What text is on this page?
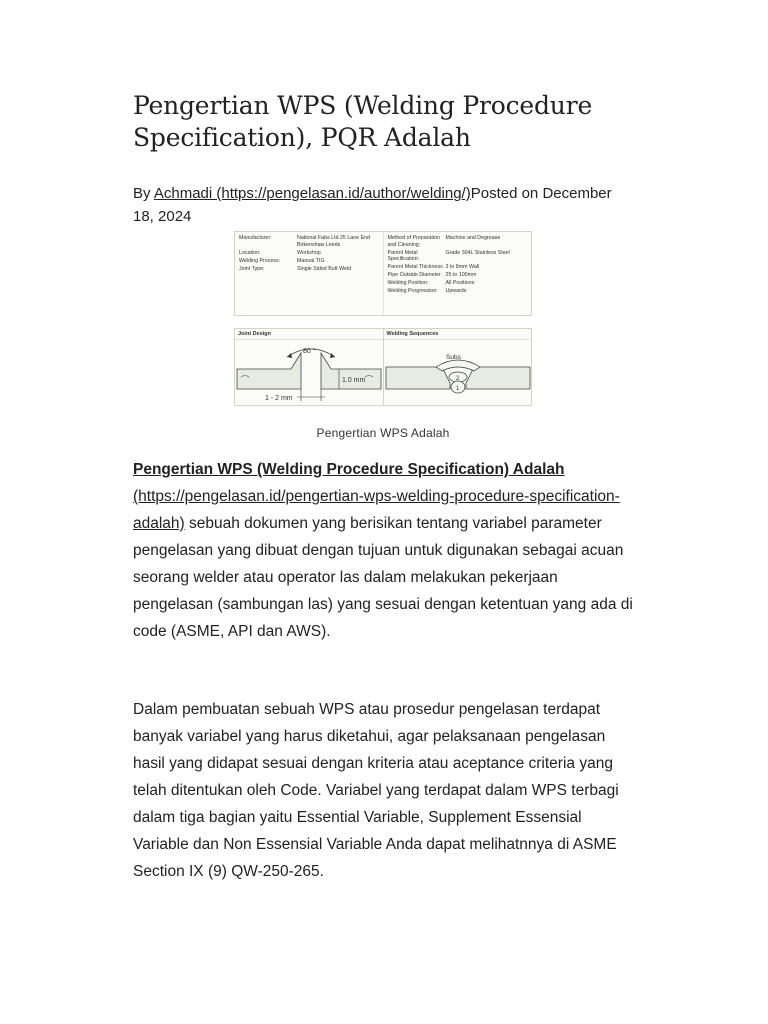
Pengertian WPS (Welding Procedure Specification), PQR Adalah
By Achmadi (https://pengelasan.id/author/welding/)Posted on December 18, 2024
Manufacturer:	National Fabs Ltd 25 Lane End Birkenshaw Leeds
Location:	Workshop
Welding Process:	Manual TIG
Joint Type:	Single Sided Butt Weld
Method of Preparation and Cleaning:
Machine and Degrease
Parent Metal Specification:
Grade 304L Stainless Steel
Parent Metal Thickness 3 to 8mm Wall
Pipe Outside Diameter 25 to 100mm
Welding Position:	All Positions
Welding Progression:	Upwards
Joint Design
80 °
1.0 mm
1 - 2 mm
Welding Sequences
Subs
2
1
Pengertian WPS Adalah

Pengertian WPS (Welding Procedure Specification) Adalah
(https://pengelasan.id/pengertian-wps-welding-procedure-specification-adalah) sebuah dokumen yang berisikan tentang variabel parameter pengelasan yang dibuat dengan tujuan untuk digunakan sebagai acuan seorang welder atau operator las dalam melakukan pekerjaan pengelasan (sambungan las) yang sesuai dengan ketentuan yang ada di code (ASME, API dan AWS).

Dalam pembuatan sebuah WPS atau prosedur pengelasan terdapat banyak variabel yang harus diketahui, agar pelaksanaan pengelasan hasil yang didapat sesuai dengan kriteria atau aceptance criteria yang telah ditentukan oleh Code. Variabel yang terdapat dalam WPS terbagi dalam tiga bagian yaitu Essential Variable, Supplement Essensial Variable dan Non Essensial Variable Anda dapat melihatnnya di ASME Section IX (9) QW-250-265.
